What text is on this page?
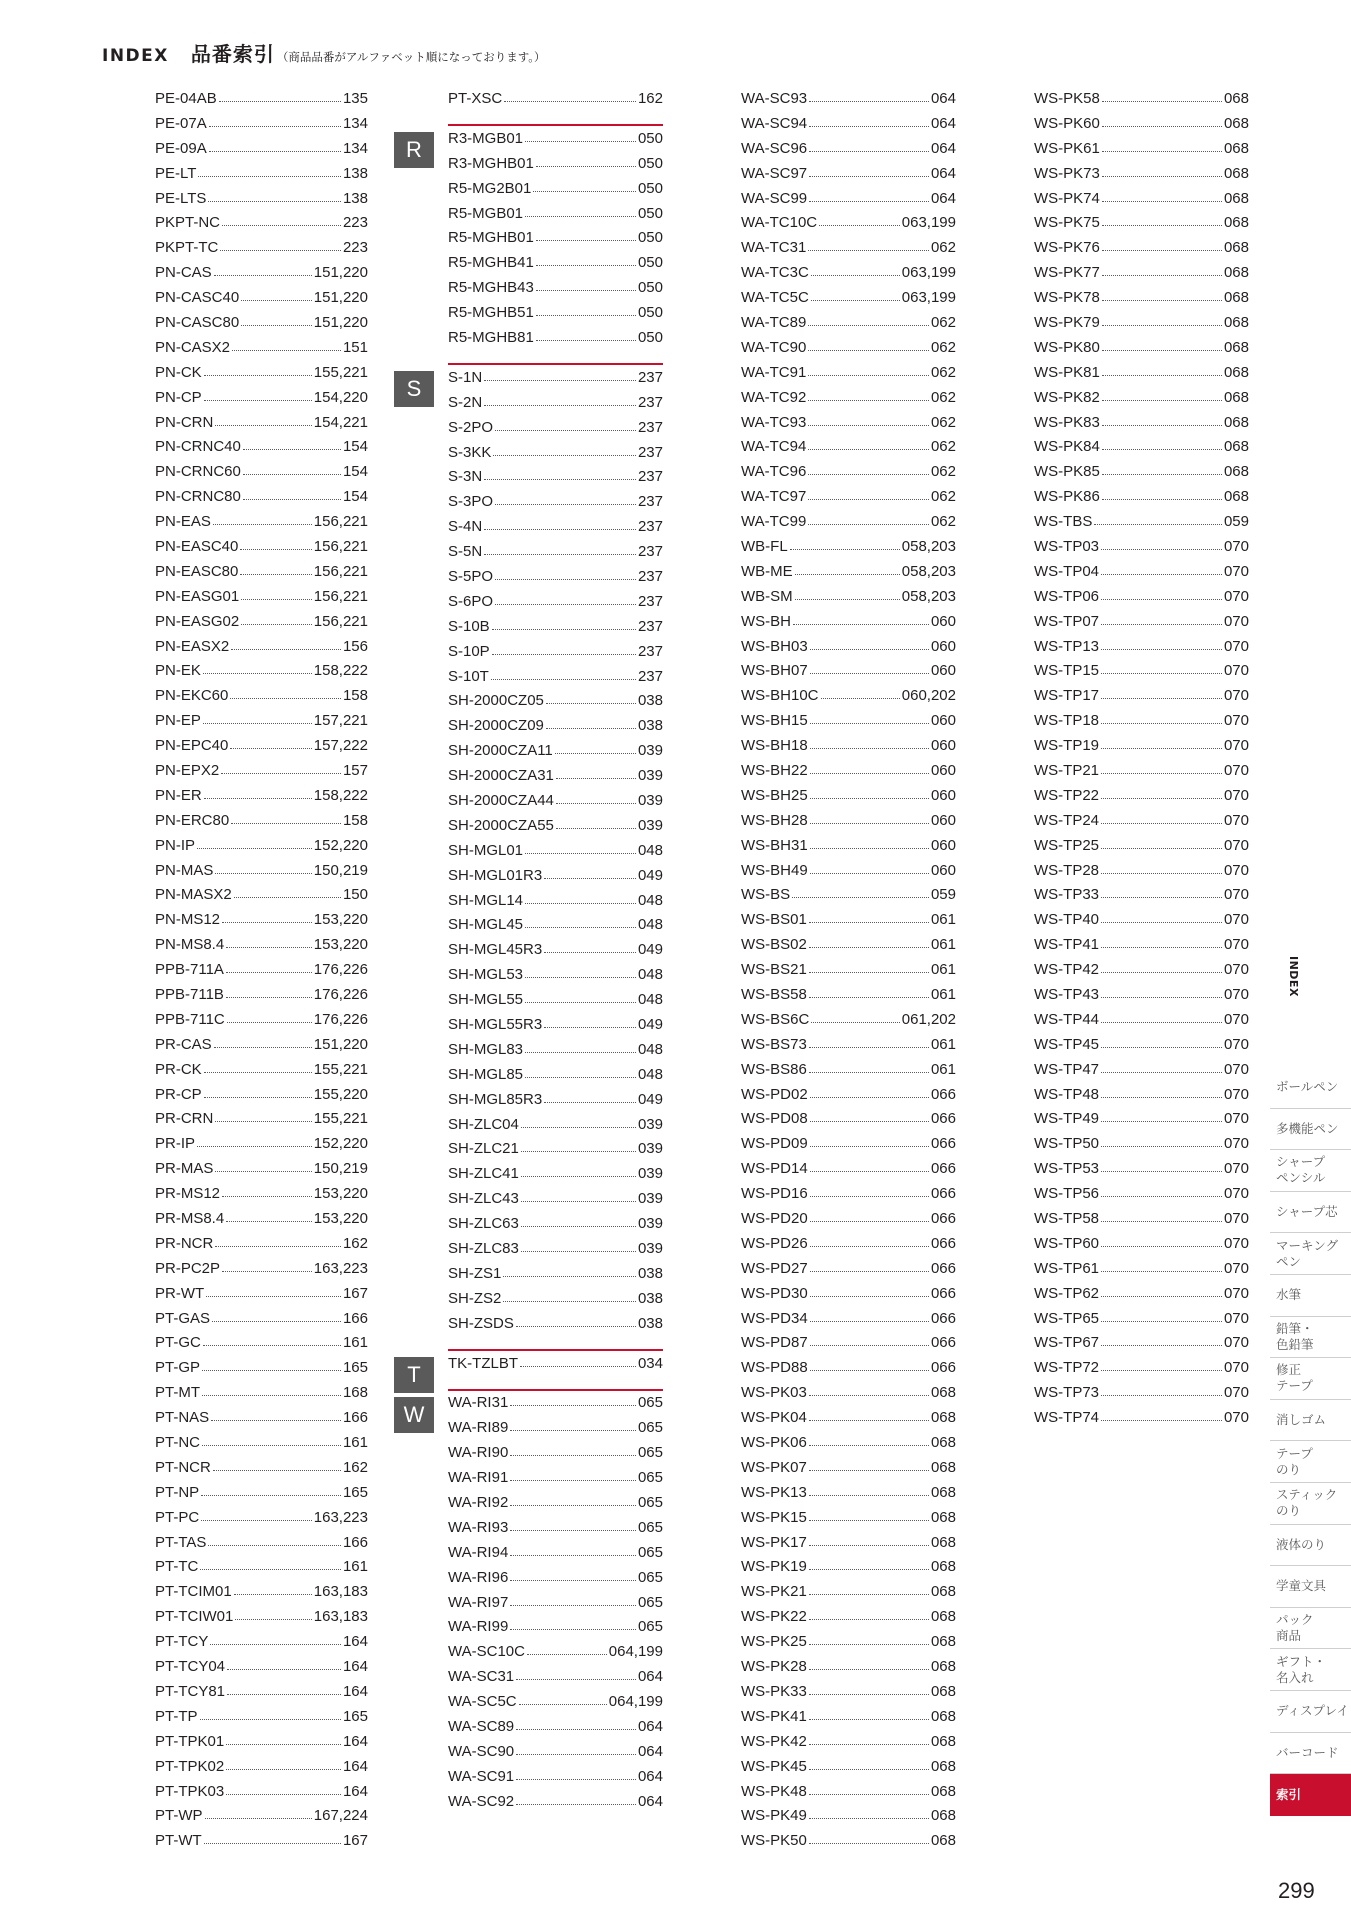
INDEX 品番索引 （商品品番がアルファベット順になっております。）
PE-04AB	135
PE-07A	134
PE-09A	134
PE-LT	138
PE-LTS	138
PKPT-NC	223
PKPT-TC	223
PN-CAS	151,220
PN-CASC40	151,220
PN-CASC80	151,220
PN-CASX2	151
PN-CK	155,221
PN-CP	154,220
PN-CRN	154,221
PN-CRNC40	154
PN-CRNC60	154
PN-CRNC80	154
PN-EAS	156,221
PN-EASC40	156,221
PN-EASC80	156,221
PN-EASG01	156,221
PN-EASG02	156,221
PN-EASX2	156
PN-EK	158,222
PN-EKC60	158
PN-EP	157,221
PN-EPC40	157,222
PN-EPX2	157
PN-ER	158,222
PN-ERC80	158
PN-IP	152,220
PN-MAS	150,219
PN-MASX2	150
PN-MS12	153,220
PN-MS8.4	153,220
PPB-711A	176,226
PPB-711B	176,226
PPB-711C	176,226
PR-CAS	151,220
PR-CK	155,221
PR-CP	155,220
PR-CRN	155,221
PR-IP	152,220
PR-MAS	150,219
PR-MS12	153,220
PR-MS8.4	153,220
PR-NCR	162
PR-PC2P	163,223
PR-WT	167
PT-GAS	166
PT-GC	161
PT-GP	165
PT-MT	168
PT-NAS	166
PT-NC	161
PT-NCR	162
PT-NP	165
PT-PC	163,223
PT-TAS	166
PT-TC	161
PT-TCIM01	163,183
PT-TCIW01	163,183
PT-TCY	164
PT-TCY04	164
PT-TCY81	164
PT-TP	165
PT-TPK01	164
PT-TPK02	164
PT-TPK03	164
PT-WP	167,224
PT-WT	167
PT-XSC	162
R	R3-MGB01	050
R3-MGHB01	050
R5-MG2B01	050
R5-MGB01	050
R5-MGHB01	050
R5-MGHB41	050
R5-MGHB43	050
R5-MGHB51	050
R5-MGHB81	050
S	S-1N	237
S-2N	237
S-2PO	237
S-3KK	237
S-3N	237
S-3PO	237
S-4N	237
S-5N	237
S-5PO	237
S-6PO	237
S-10B	237
S-10P	237
S-10T	237
SH-2000CZ05	038
SH-2000CZ09	038
SH-2000CZA11	039
SH-2000CZA31	039
SH-2000CZA44	039
SH-2000CZA55	039
SH-MGL01	048
SH-MGL01R3	049
SH-MGL14	048
SH-MGL45	048
SH-MGL45R3	049
SH-MGL53	048
SH-MGL55	048
SH-MGL55R3	049
SH-MGL83	048
SH-MGL85	048
SH-MGL85R3	049
SH-ZLC04	039
SH-ZLC21	039
SH-ZLC41	039
SH-ZLC43	039
SH-ZLC63	039
SH-ZLC83	039
SH-ZS1	038
SH-ZS2	038
SH-ZSDS	038
T	TK-TZLBT	034
W	WA-RI31	065
WA-RI89	065
WA-RI90	065
WA-RI91	065
WA-RI92	065
WA-RI93	065
WA-RI94	065
WA-RI96	065
WA-RI97	065
WA-RI99	065
WA-SC10C	064,199
WA-SC31	064
WA-SC5C	064,199
WA-SC89	064
WA-SC90	064
WA-SC91	064
WA-SC92	064
WA-SC93	064
WA-SC94	064
WA-SC96	064
WA-SC97	064
WA-SC99	064
WA-TC10C	063,199
WA-TC31	062
WA-TC3C	063,199
WA-TC5C	063,199
WA-TC89	062
WA-TC90	062
WA-TC91	062
WA-TC92	062
WA-TC93	062
WA-TC94	062
WA-TC96	062
WA-TC97	062
WA-TC99	062
WB-FL	058,203
WB-ME	058,203
WB-SM	058,203
WS-BH	060
WS-BH03	060
WS-BH07	060
WS-BH10C	060,202
WS-BH15	060
WS-BH18	060
WS-BH22	060
WS-BH25	060
WS-BH28	060
WS-BH31	060
WS-BH49	060
WS-BS	059
WS-BS01	061
WS-BS02	061
WS-BS21	061
WS-BS58	061
WS-BS6C	061,202
WS-BS73	061
WS-BS86	061
WS-PD02	066
WS-PD08	066
WS-PD09	066
WS-PD14	066
WS-PD16	066
WS-PD20	066
WS-PD26	066
WS-PD27	066
WS-PD30	066
WS-PD34	066
WS-PD87	066
WS-PD88	066
WS-PK03	068
WS-PK04	068
WS-PK06	068
WS-PK07	068
WS-PK13	068
WS-PK15	068
WS-PK17	068
WS-PK19	068
WS-PK21	068
WS-PK22	068
WS-PK25	068
WS-PK28	068
WS-PK33	068
WS-PK41	068
WS-PK42	068
WS-PK45	068
WS-PK48	068
WS-PK49	068
WS-PK50	068
WS-PK58	068
WS-PK60	068
WS-PK61	068
WS-PK73	068
WS-PK74	068
WS-PK75	068
WS-PK76	068
WS-PK77	068
WS-PK78	068
WS-PK79	068
WS-PK80	068
WS-PK81	068
WS-PK82	068
WS-PK83	068
WS-PK84	068
WS-PK85	068
WS-PK86	068
WS-TBS	059
WS-TP03	070
WS-TP04	070
WS-TP06	070
WS-TP07	070
WS-TP13	070
WS-TP15	070
WS-TP17	070
WS-TP18	070
WS-TP19	070
WS-TP21	070
WS-TP22	070
WS-TP24	070
WS-TP25	070
WS-TP28	070
WS-TP33	070
WS-TP40	070
WS-TP41	070
WS-TP42	070
WS-TP43	070
WS-TP44	070
WS-TP45	070
WS-TP47	070
WS-TP48	070
WS-TP49	070
WS-TP50	070
WS-TP53	070
WS-TP56	070
WS-TP58	070
WS-TP60	070
WS-TP61	070
WS-TP62	070
WS-TP65	070
WS-TP67	070
WS-TP72	070
WS-TP73	070
WS-TP74	070
INDEX
ボールペン
多機能ペン
シャープ
ペンシル
シャープ芯
マーキング
ペン
水筆
鉛筆・
色鉛筆
修正
テープ
消しゴム
テープ
のり
スティック
のり
液体のり
学童文具
パック
商品
ギフト・
名入れ
ディスプレイ
バーコード
索引
299
